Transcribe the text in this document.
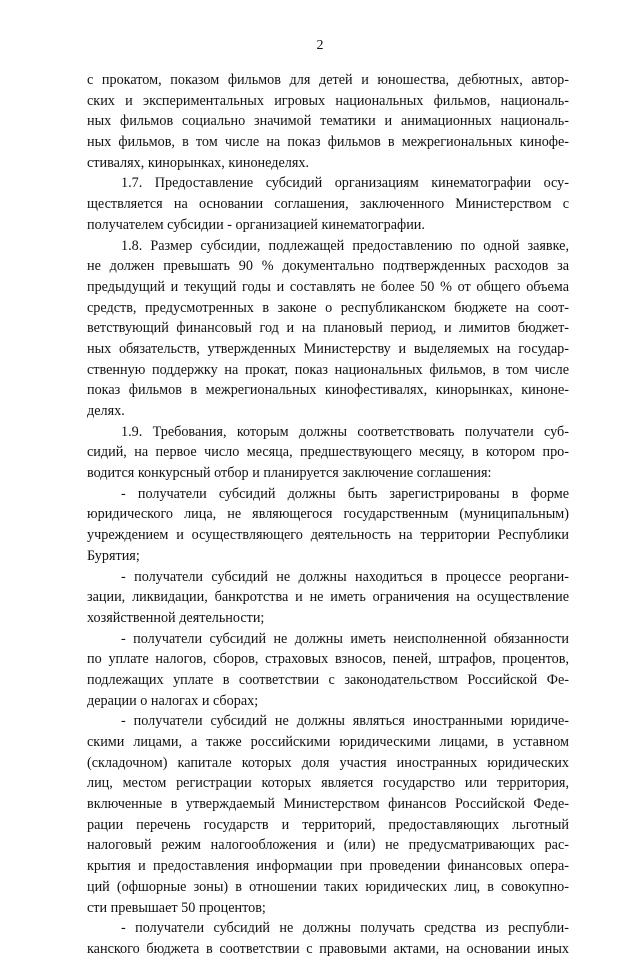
2
с прокатом, показом фильмов для детей и юношества, дебютных, автор-
ских и экспериментальных игровых национальных фильмов, националь-
ных фильмов социально значимой тематики и анимационных националь-
ных фильмов, в том числе на показ фильмов в межрегиональных кинофе-
стивалях, кинорынках, кинонеделях.
1.7. Предоставление субсидий организациям кинематографии осу-
ществляется на основании соглашения, заключенного Министерством с
получателем субсидии - организацией кинематографии.
1.8. Размер субсидии, подлежащей предоставлению по одной заявке,
не должен превышать 90 % документально подтвержденных расходов за
предыдущий и текущий годы и составлять не более 50 % от общего объема
средств, предусмотренных в законе о республиканском бюджете на соот-
ветствующий финансовый год и на плановый период, и лимитов бюджет-
ных обязательств, утвержденных Министерству и выделяемых на государ-
ственную поддержку на прокат, показ национальных фильмов, в том числе
показ фильмов в межрегиональных кинофестивалях, кинорынках, кинонe-
делях.
1.9. Требования, которым должны соответствовать получатели суб-
сидий, на первое число месяца, предшествующего месяцу, в котором про-
водится конкурсный отбор и планируется заключение соглашения:
- получатели субсидий должны быть зарегистрированы в форме
юридического лица, не являющегося государственным (муниципальным)
учреждением и осуществляющего деятельность на территории Республики
Бурятия;
- получатели субсидий не должны находиться в процессе реоргани-
зации, ликвидации, банкротства и не иметь ограничения на осуществление
хозяйственной деятельности;
- получатели субсидий не должны иметь неисполненной обязанности
по уплате налогов, сборов, страховых взносов, пеней, штрафов, процентов,
подлежащих уплате в соответствии с законодательством Российской Фе-
дерации о налогах и сборах;
- получатели субсидий не должны являться иностранными юридиче-
скими лицами, а также российскими юридическими лицами, в уставном
(складочном) капитале которых доля участия иностранных юридических
лиц, местом регистрации которых является государство или территория,
включенные в утверждаемый Министерством финансов Российской Феде-
рации перечень государств и территорий, предоставляющих льготный
налоговый режим налогообложения и (или) не предусматривающих рас-
крытия и предоставления информации при проведении финансовых опера-
ций (офшорные зоны) в отношении таких юридических лиц, в совокупно-
сти превышает 50 процентов;
- получатели субсидий не должны получать средства из республи-
канского бюджета в соответствии с правовыми актами, на основании иных
